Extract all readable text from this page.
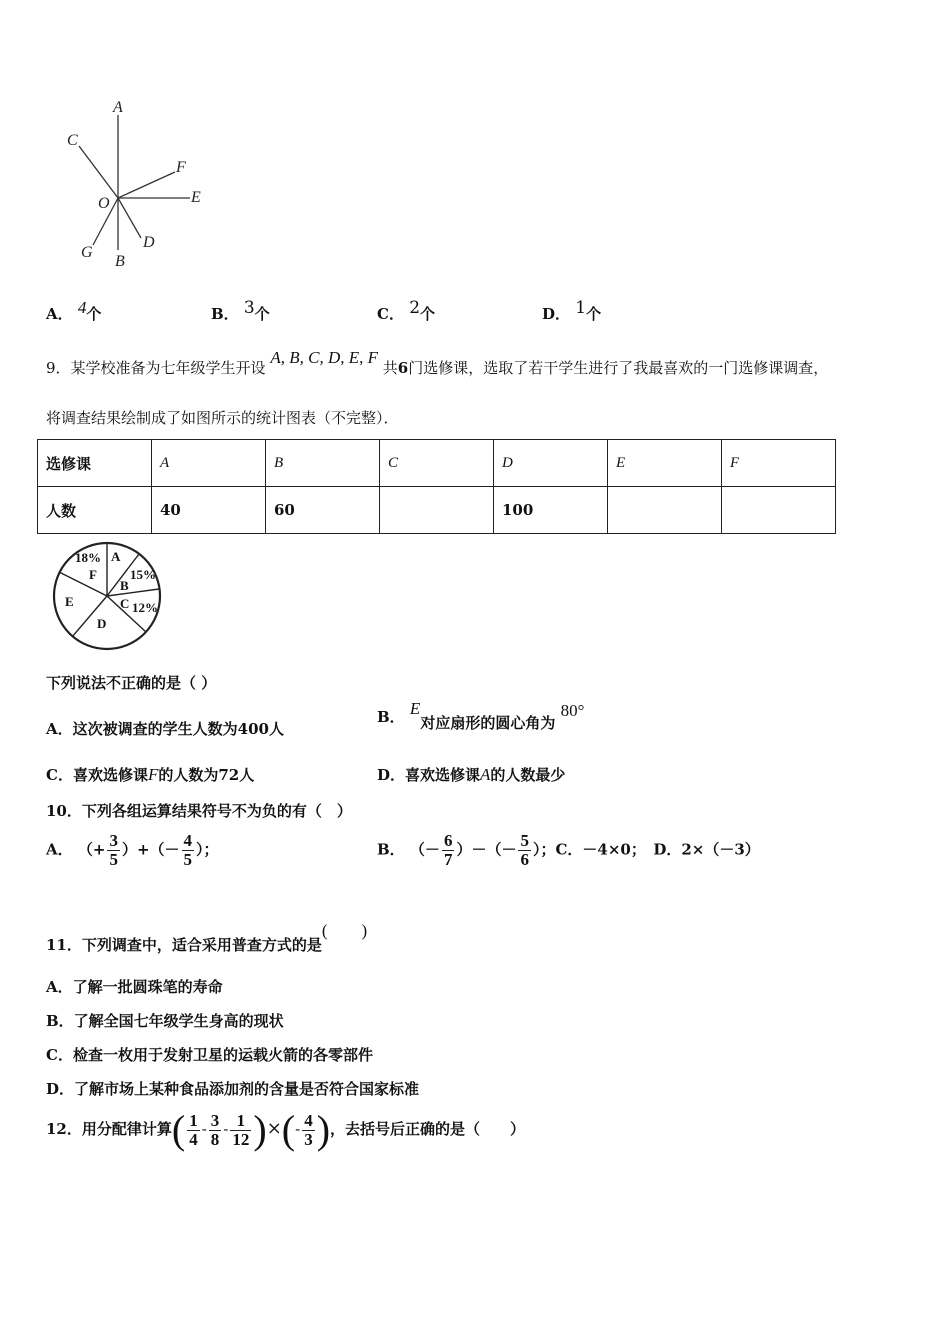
A
C
F
E
O
G
D
B
A． $^4$个	B． $^3$个	C． $^2$个	D． $^1$个
9．某学校准备为七年级学生开设 A, B, C, D, E, F 共6门选修课，选取了若干学生进行了我最喜欢的一门选修课调查，
将调查结果绘制成了如图所示的统计图表（不完整）．
选修课	A	B	C	D	E	F
人数	40	60		100		
18%
F
A
B
15%
C 12%
E
D
下列说法不正确的是（ ）
A．这次被调查的学生人数为400人
B． E对应扇形的圆心角为 80°
C．喜欢选修课F的人数为72人	D．喜欢选修课A的人数最少
10．下列各组运算结果符号不为负的有（　）
A． （+ $\frac{3}{5}$ ）+（－ $\frac{4}{5}$ ）；	B． （－ $\frac{6}{7}$ ）－（－ $\frac{5}{6}$ ）；C．－4×0；　D．2×（－3）
11．下列调查中，适合采用普查方式的是(　　)
A．了解一批圆珠笔的寿命
B．了解全国七年级学生身高的现状
C．检查一枚用于发射卫星的运载火箭的各零部件
D．了解市场上某种食品添加剂的含量是否符合国家标准
12．用分配律计算( $\frac{1}{4} - \frac{3}{8} - \frac{1}{12}$ )×(- $\frac{4}{3}$ )，去括号后正确的是（　　）
